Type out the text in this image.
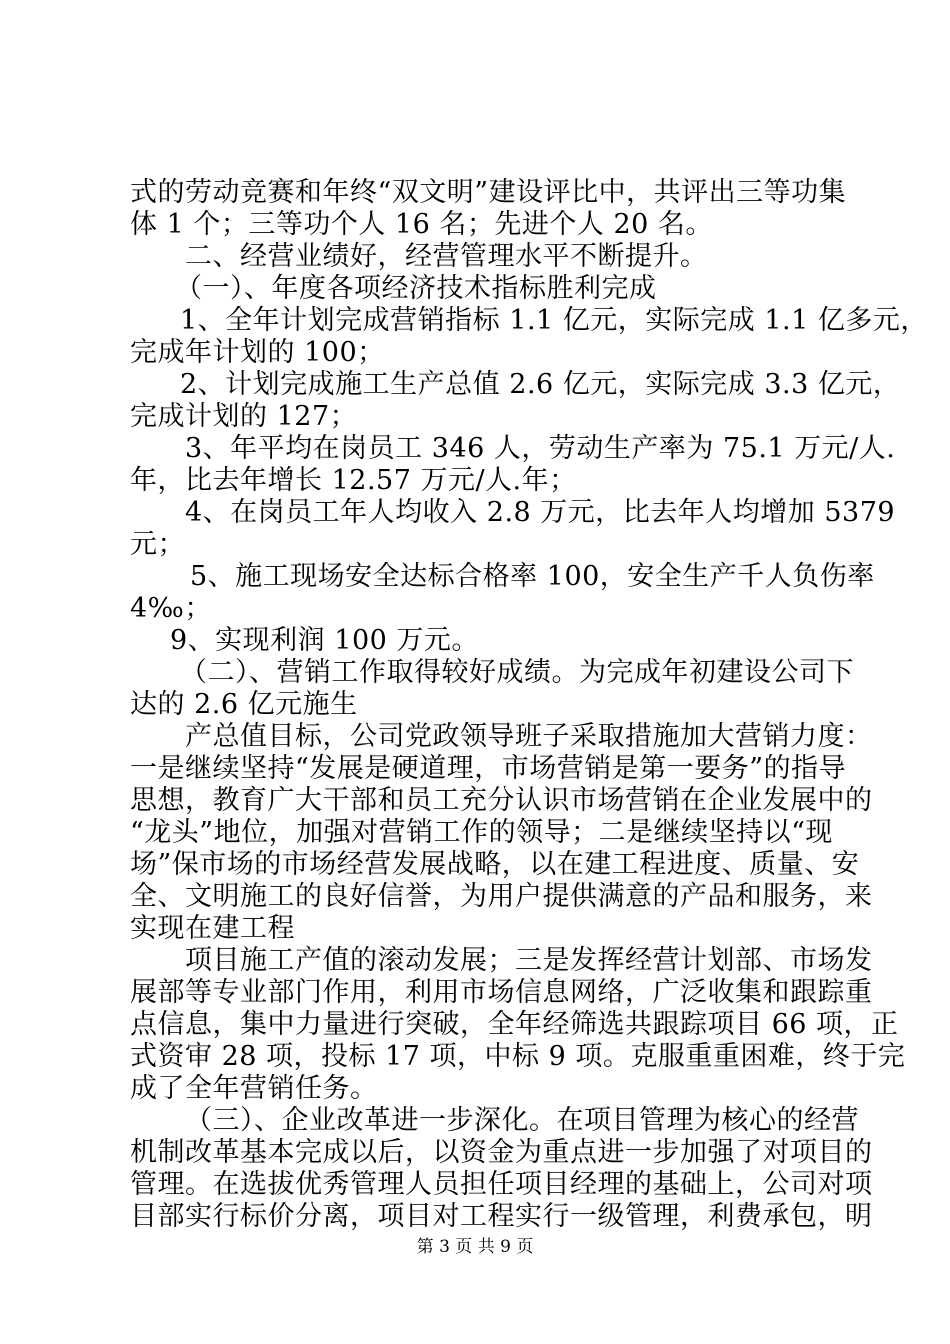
式的劳动竞赛和年终“双文明”建设评比中，共评出三等功集
体 1 个；三等功个人 16 名；先进个人 20 名。
二、经营业绩好，经营管理水平不断提升。
（一）、年度各项经济技术指标胜利完成
1、全年计划完成营销指标 1.1 亿元，实际完成 1.1 亿多元，
完成年计划的 100；
2、计划完成施工生产总值 2.6 亿元，实际完成 3.3 亿元，
完成计划的 127；
3、年平均在岗员工 346 人，劳动生产率为 75.1 万元/人.
年，比去年增长 12.57 万元/人.年；
4、在岗员工年人均收入 2.8 万元，比去年人均增加 5379
元；
5、施工现场安全达标合格率 100，安全生产千人负伤率
4‰；
9、实现利润 100 万元。
（二）、营销工作取得较好成绩。为完成年初建设公司下
达的 2.6 亿元施生
产总值目标，公司党政领导班子采取措施加大营销力度：
一是继续坚持“发展是硬道理，市场营销是第一要务”的指导
思想，教育广大干部和员工充分认识市场营销在企业发展中的
“龙头”地位，加强对营销工作的领导；二是继续坚持以“现
场”保市场的市场经营发展战略，以在建工程进度、质量、安
全、文明施工的良好信誉，为用户提供满意的产品和服务，来
实现在建工程
项目施工产值的滚动发展；三是发挥经营计划部、市场发
展部等专业部门作用，利用市场信息网络，广泛收集和跟踪重
点信息，集中力量进行突破，全年经筛选共跟踪项目 66 项，正
式资审 28 项，投标 17 项，中标 9 项。克服重重困难，终于完
成了全年营销任务。
（三）、企业改革进一步深化。在项目管理为核心的经营
机制改革基本完成以后，以资金为重点进一步加强了对项目的
管理。在选拔优秀管理人员担任项目经理的基础上，公司对项
目部实行标价分离，项目对工程实行一级管理，利费承包，明
第 3 页 共 9 页
